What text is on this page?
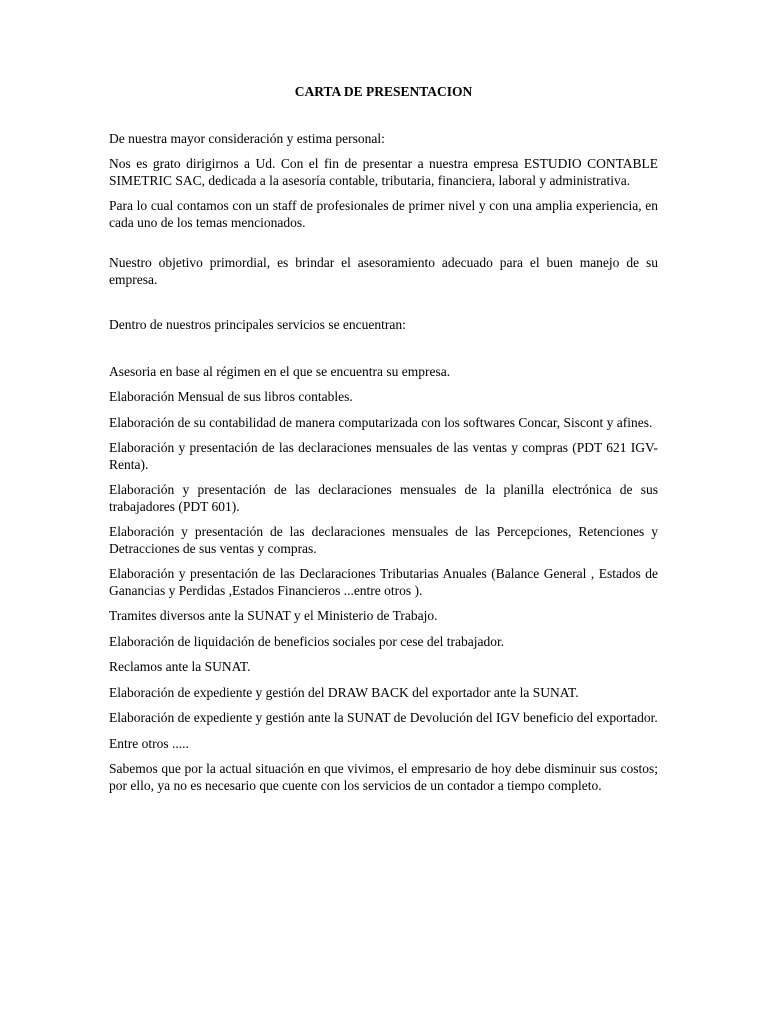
CARTA DE PRESENTACION
De nuestra mayor consideración y estima personal:
Nos es grato dirigirnos a Ud. Con el fin de presentar a nuestra empresa ESTUDIO CONTABLE SIMETRIC SAC, dedicada a la asesoría contable, tributaria, financiera, laboral y administrativa.
Para lo cual contamos con un staff de profesionales de primer nivel y con una amplia experiencia, en cada uno de los temas mencionados.
Nuestro objetivo primordial, es brindar el asesoramiento adecuado para el buen manejo de su empresa.
Dentro de nuestros principales servicios se encuentran:
Asesoria en base al régimen en el que se encuentra su empresa.
Elaboración Mensual de sus libros contables.
Elaboración de su contabilidad de manera computarizada con los softwares Concar, Siscont y afines.
Elaboración y presentación de las declaraciones mensuales de las ventas y compras (PDT 621 IGV- Renta).
Elaboración y presentación de las declaraciones mensuales de la planilla electrónica de sus trabajadores (PDT 601).
Elaboración y presentación de las declaraciones mensuales de las Percepciones, Retenciones y Detracciones de sus ventas y compras.
Elaboración y presentación de las Declaraciones Tributarias Anuales (Balance General , Estados de Ganancias y Perdidas ,Estados Financieros ...entre otros ).
Tramites diversos ante la SUNAT y el Ministerio de Trabajo.
Elaboración de liquidación de beneficios sociales por cese del trabajador.
Reclamos ante la SUNAT.
Elaboración de expediente y gestión del DRAW BACK del exportador ante la SUNAT.
Elaboración de expediente y gestión ante la SUNAT de Devolución del IGV beneficio del exportador.
Entre otros .....
Sabemos que por la actual situación en que vivimos, el empresario de hoy debe disminuir sus costos; por ello, ya no es necesario que cuente con los servicios de un contador a tiempo completo.
